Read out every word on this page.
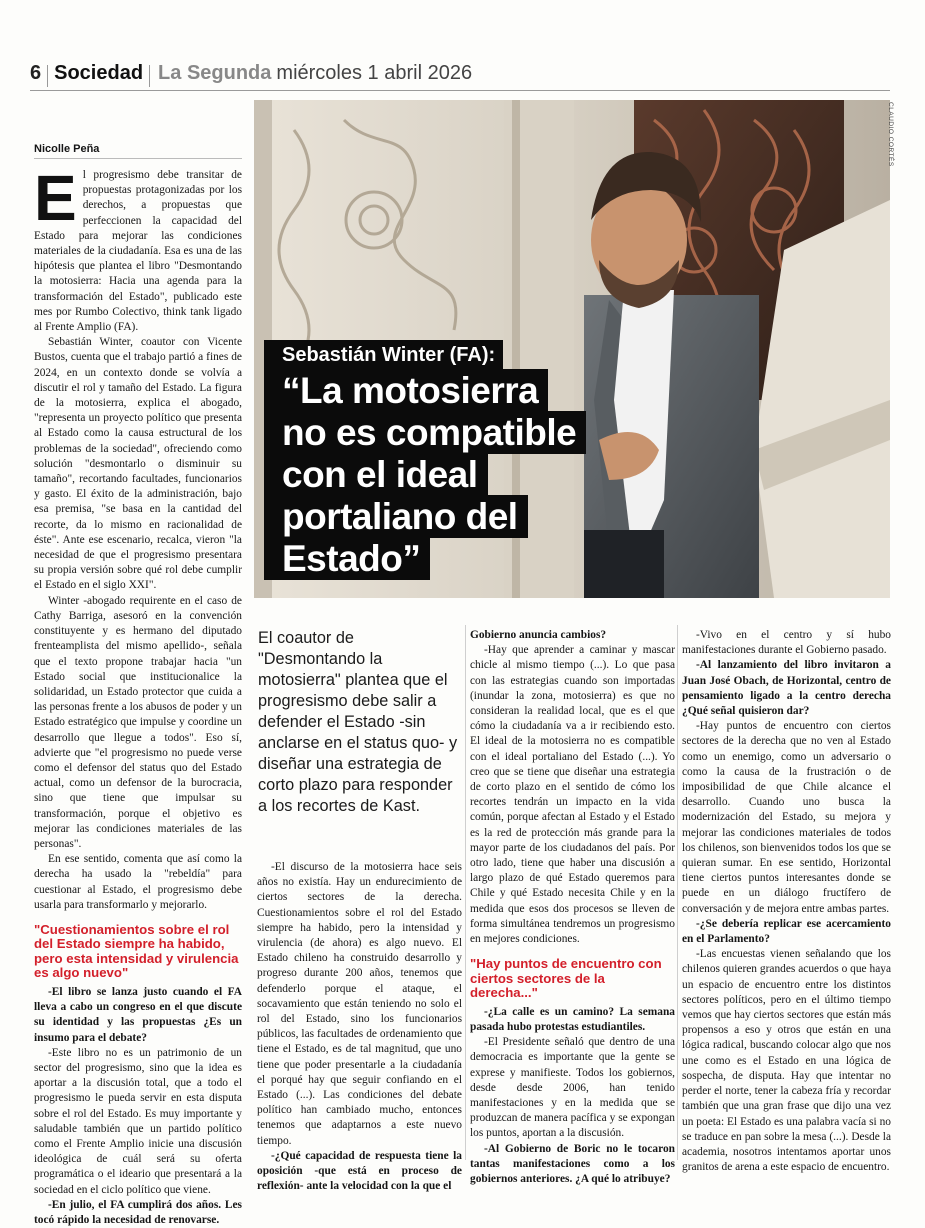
6 Sociedad La Segunda miércoles 1 abril 2026
CLAUDIO CORTÉS
Sebastián Winter (FA):
“La motosierra
no es compatible
con el ideal
portaliano del
Estado”
Nicolle Peña

El progresismo debe transitar de propuestas protagonizadas por los derechos, a propuestas que perfeccionen la capacidad del Estado para mejorar las condiciones materiales de la ciudadanía. Esa es una de las hipótesis que plantea el libro "Desmontando la motosierra: Hacia una agenda para la transformación del Estado", publicado este mes por Rumbo Colectivo, think tank ligado al Frente Amplio (FA).

Sebastián Winter, coautor con Vicente Bustos, cuenta que el trabajo partió a fines de 2024, en un contexto donde se volvía a discutir el rol y tamaño del Estado. La figura de la motosierra, explica el abogado, "representa un proyecto político que presenta al Estado como la causa estructural de los problemas de la sociedad", ofreciendo como solución "desmontarlo o disminuir su tamaño", recortando facultades, funcionarios y gasto. El éxito de la administración, bajo esa premisa, "se basa en la cantidad del recorte, da lo mismo en racionalidad de éste". Ante ese escenario, recalca, vieron "la necesidad de que el progresismo presentara su propia versión sobre qué rol debe cumplir el Estado en el siglo XXI".

Winter -abogado requirente en el caso de Cathy Barriga, asesoró en la convención constituyente y es hermano del diputado frenteamplista del mismo apellido-, señala que el texto propone trabajar hacia "un Estado social que institucionalice la solidaridad, un Estado protector que cuida a las personas frente a los abusos de poder y un Estado estratégico que impulse y coordine un desarrollo que llegue a todos". Eso sí, advierte que "el progresismo no puede verse como el defensor del status quo del Estado actual, como un defensor de la burocracia, sino que tiene que impulsar su transformación, porque el objetivo es mejorar las condiciones materiales de las personas".

En ese sentido, comenta que así como la derecha ha usado la "rebeldía" para cuestionar al Estado, el progresismo debe usarla para transformarlo y mejorarlo.

"Cuestionamientos sobre el rol del Estado siempre ha habido, pero esta intensidad y virulencia es algo nuevo"

-El libro se lanza justo cuando el FA lleva a cabo un congreso en el que discute su identidad y las propuestas ¿Es un insumo para el debate?

-Este libro no es un patrimonio de un sector del progresismo, sino que la idea es aportar a la discusión total, que a todo el progresismo le pueda servir en esta disputa sobre el rol del Estado. Es muy importante y saludable también que un partido político como el Frente Amplio inicie una discusión ideológica de cuál será su oferta programática o el ideario que presentará a la sociedad en el ciclo político que viene.

-En julio, el FA cumplirá dos años. Les tocó rápido la necesidad de renovarse.

El coautor de "Desmontando la motosierra" plantea que el progresismo debe salir a defender el Estado -sin anclarse en el status quo- y diseñar una estrategia de corto plazo para responder a los recortes de Kast.

-El discurso de la motosierra hace seis años no existía. Hay un endurecimiento de ciertos sectores de la derecha. Cuestionamientos sobre el rol del Estado siempre ha habido, pero la intensidad y virulencia (de ahora) es algo nuevo. El Estado chileno ha construido desarrollo y progreso durante 200 años, tenemos que defenderlo porque el ataque, el socavamiento que están teniendo no solo el rol del Estado, sino los funcionarios públicos, las facultades de ordenamiento que tiene el Estado, es de tal magnitud, que uno tiene que poder presentarle a la ciudadanía el porqué hay que seguir confiando en el Estado (...). Las condiciones del debate político han cambiado mucho, entonces tenemos que adaptarnos a este nuevo tiempo.

-¿Qué capacidad de respuesta tiene la oposición -que está en proceso de reflexión- ante la velocidad con la que el

Gobierno anuncia cambios?

-Hay que aprender a caminar y mascar chicle al mismo tiempo (...). Lo que pasa con las estrategias cuando son importadas (inundar la zona, motosierra) es que no consideran la realidad local, que es el que cómo la ciudadanía va a ir recibiendo esto. El ideal de la motosierra no es compatible con el ideal portaliano del Estado (...). Yo creo que se tiene que diseñar una estrategia de corto plazo en el sentido de cómo los recortes tendrán un impacto en la vida común, porque afectan al Estado y el Estado es la red de protección más grande para la mayor parte de los ciudadanos del país. Por otro lado, tiene que haber una discusión a largo plazo de qué Estado queremos para Chile y qué Estado necesita Chile y en la medida que esos dos procesos se lleven de forma simultánea tendremos un progresismo en mejores condiciones.

"Hay puntos de encuentro con ciertos sectores de la derecha..."

-¿La calle es un camino? La semana pasada hubo protestas estudiantiles.

-El Presidente señaló que dentro de una democracia es importante que la gente se exprese y manifieste. Todos los gobiernos, desde desde 2006, han tenido manifestaciones y en la medida que se produzcan de manera pacífica y se expongan los puntos, aportan a la discusión.

-Al Gobierno de Boric no le tocaron tantas manifestaciones como a los gobiernos anteriores. ¿A qué lo atribuye?

-Vivo en el centro y sí hubo manifestaciones durante el Gobierno pasado.

-Al lanzamiento del libro invitaron a Juan José Obach, de Horizontal, centro de pensamiento ligado a la centro derecha ¿Qué señal quisieron dar?

-Hay puntos de encuentro con ciertos sectores de la derecha que no ven al Estado como un enemigo, como un adversario o como la causa de la frustración o de imposibilidad de que Chile alcance el desarrollo. Cuando uno busca la modernización del Estado, su mejora y mejorar las condiciones materiales de todos los chilenos, son bienvenidos todos los que se quieran sumar. En ese sentido, Horizontal tiene ciertos puntos interesantes donde se puede en un diálogo fructífero de conversación y de mejora entre ambas partes.

-¿Se debería replicar ese acercamiento en el Parlamento?

-Las encuestas vienen señalando que los chilenos quieren grandes acuerdos o que haya un espacio de encuentro entre los distintos sectores políticos, pero en el último tiempo vemos que hay ciertos sectores que están más propensos a eso y otros que están en una lógica radical, buscando colocar algo que nos une como es el Estado en una lógica de sospecha, de disputa. Hay que intentar no perder el norte, tener la cabeza fría y recordar también que una gran frase que dijo una vez un poeta: El Estado es una palabra vacía si no se traduce en pan sobre la mesa (...). Desde la academia, nosotros intentamos aportar unos granitos de arena a este espacio de encuentro.
